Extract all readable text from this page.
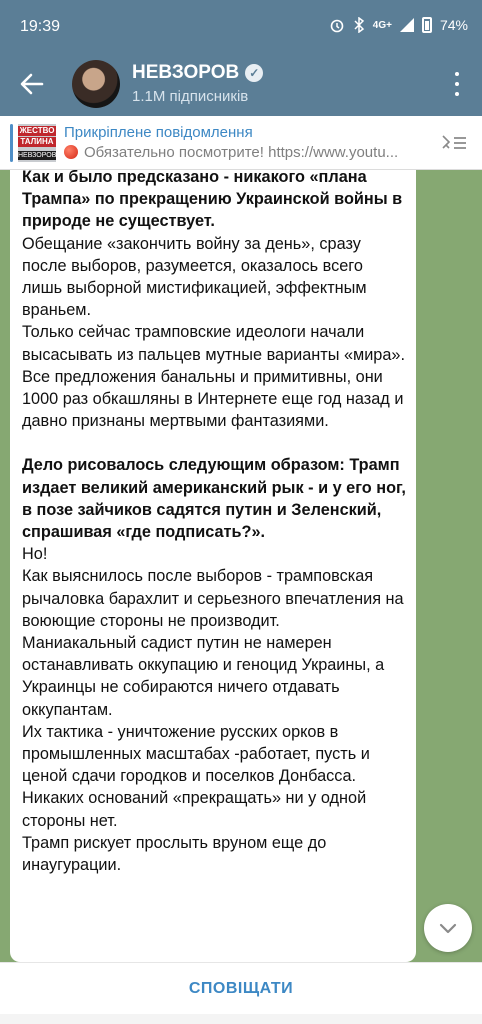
19:39	4G+	74%
НЕВЗОРОВ ✓
1.1M підписників
ЖЕСТВО
ТАЛИНА
НЕВЗОРОВ
Прикріплене повідомлення
Обязательно посмотрите! https://www.youtu...

Как и было предсказано - никакого «плана Трампа» по прекращению Украинской войны в природе не существует.

Обещание «закончить войну за день», сразу после выборов, разумеется, оказалось всего лишь выборной мистификацией, эффектным враньем.

Только сейчас трамповские идеологи начали высасывать из пальцев мутные варианты «мира».

Все предложения банальны и примитивны, они 1000 раз обкашляны в Интернете еще год назад и давно признаны мертвыми фантазиями.

Дело рисовалось следующим образом: Трамп издает великий американский рык - и у его ног, в позе зайчиков садятся путин и Зеленский, спрашивая «где подписать?».

Но!

Как выяснилось после выборов - трамповская рычаловка барахлит и серьезного впечатления на воюющие стороны не производит.

Маниакальный садист путин не намерен останавливать оккупацию и геноцид Украины, а Украинцы не собираются ничего отдавать оккупантам.

Их тактика - уничтожение русских орков в промышленных масштабах -работает, пусть и ценой сдачи городков и поселков Донбасса.

Никаких оснований «прекращать» ни у одной стороны нет.

Трамп рискует прослыть вруном еще до инаугурации.

СПОВІЩАТИ
